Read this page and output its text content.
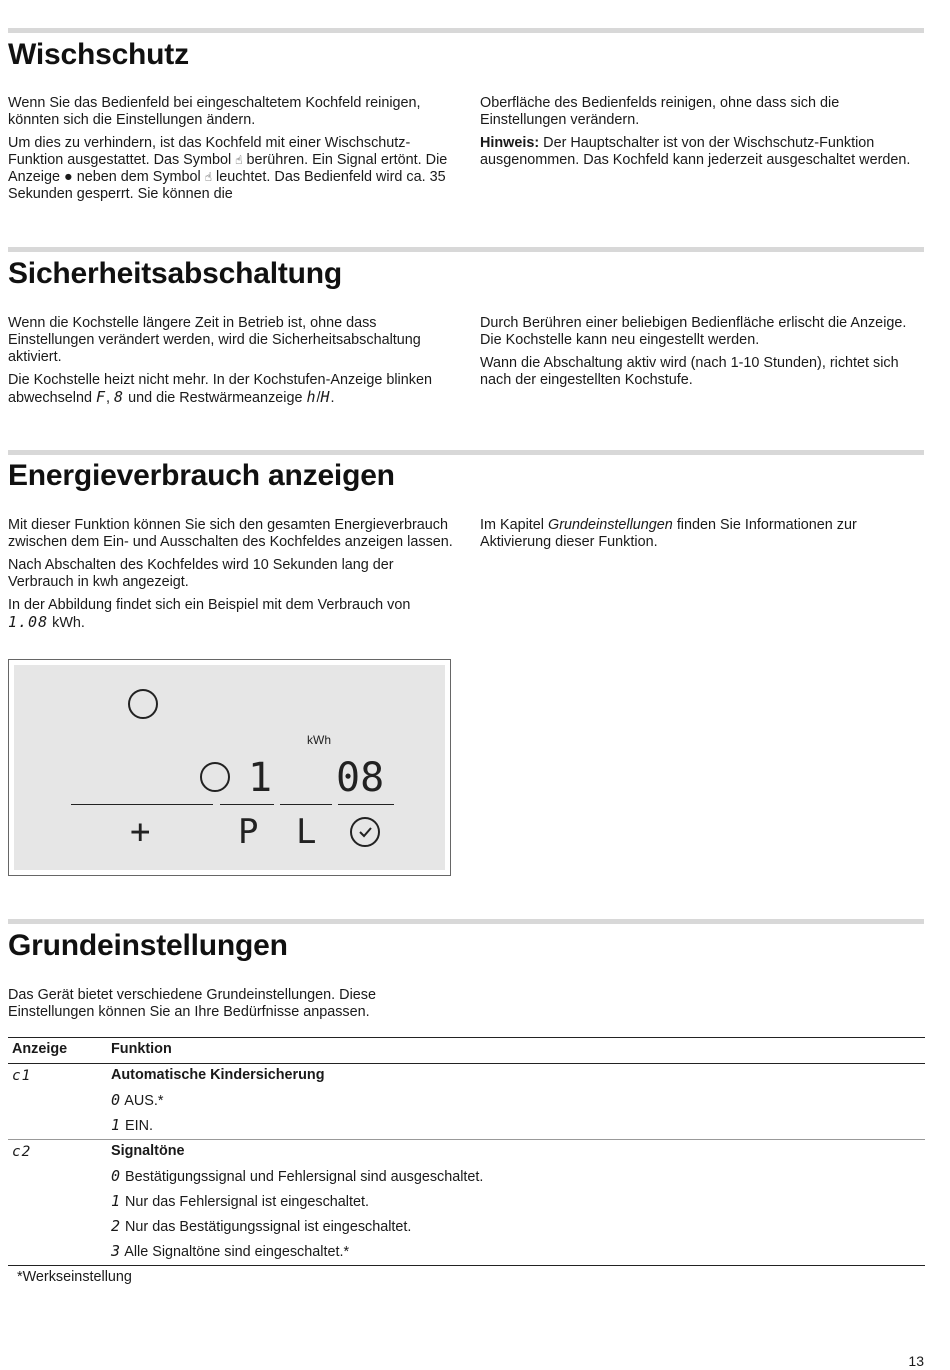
Wischschutz

Wenn Sie das Bedienfeld bei eingeschaltetem Kochfeld reinigen, könnten sich die Einstellungen ändern.

Um dies zu verhindern, ist das Kochfeld mit einer Wischschutz-Funktion ausgestattet. Das Symbol ☝ berühren. Ein Signal ertönt. Die Anzeige ● neben dem Symbol ☝ leuchtet. Das Bedienfeld wird ca. 35 Sekunden gesperrt. Sie können die

Oberfläche des Bedienfelds reinigen, ohne dass sich die Einstellungen verändern.

Hinweis: Der Hauptschalter ist von der Wischschutz-Funktion ausgenommen. Das Kochfeld kann jederzeit ausgeschaltet werden.

Sicherheitsabschaltung

Wenn die Kochstelle längere Zeit in Betrieb ist, ohne dass Einstellungen verändert werden, wird die Sicherheitsabschaltung aktiviert.

Die Kochstelle heizt nicht mehr. In der Kochstufen-Anzeige blinken abwechselnd F, 8 und die Restwärmeanzeige h/H.

Durch Berühren einer beliebigen Bedienfläche erlischt die Anzeige. Die Kochstelle kann neu eingestellt werden.

Wann die Abschaltung aktiv wird (nach 1-10 Stunden), richtet sich nach der eingestellten Kochstufe.

Energieverbrauch anzeigen

Mit dieser Funktion können Sie sich den gesamten Energieverbrauch zwischen dem Ein- und Ausschalten des Kochfeldes anzeigen lassen.

Nach Abschalten des Kochfeldes wird 10 Sekunden lang der Verbrauch in kwh angezeigt.

In der Abbildung findet sich ein Beispiel mit dem Verbrauch von 1.08 kWh.

Im Kapitel Grundeinstellungen finden Sie Informationen zur Aktivierung dieser Funktion.

kWh
1 08
+	P L
Grundeinstellungen

Das Gerät bietet verschiedene Grundeinstellungen. Diese Einstellungen können Sie an Ihre Bedürfnisse anpassen.

Anzeige	Funktion
c1	Automatische Kindersicherung
0 AUS.*
1 EIN.
c2	Signaltöne
0 Bestätigungssignal und Fehlersignal sind ausgeschaltet.
1 Nur das Fehlersignal ist eingeschaltet.
2 Nur das Bestätigungssignal ist eingeschaltet.
3 Alle Signaltöne sind eingeschaltet.*
*Werkseinstellung
13
